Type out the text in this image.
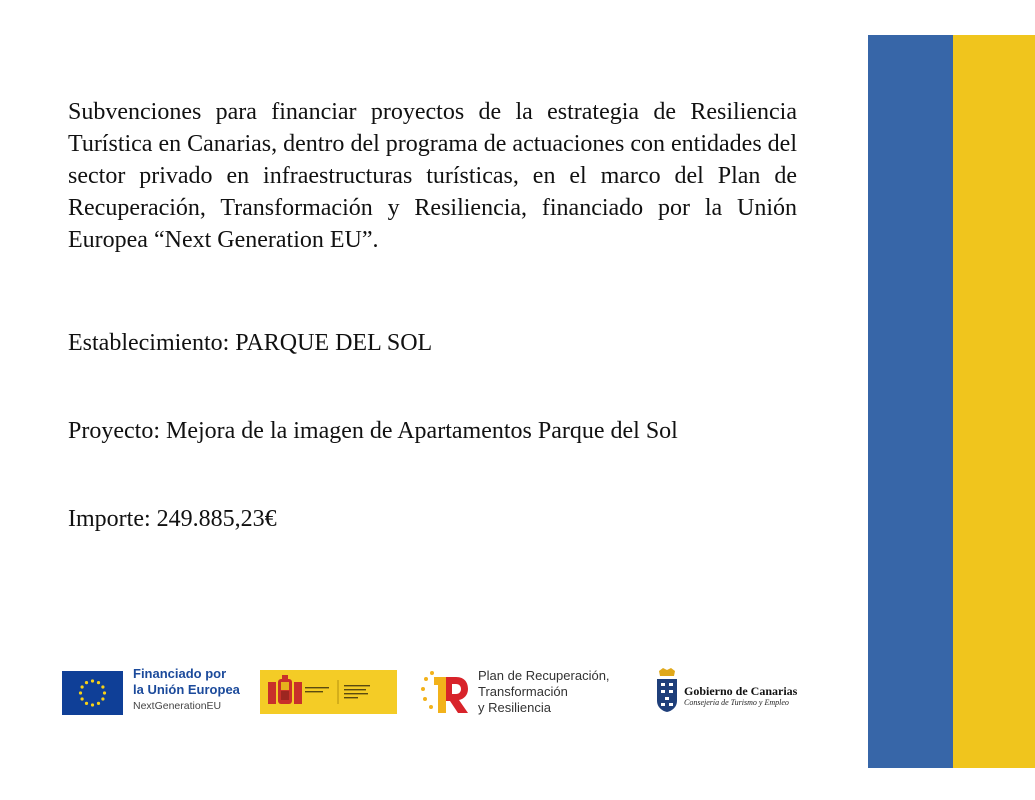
Subvenciones para financiar proyectos de la estrategia de Resiliencia Turística en Canarias, dentro del programa de actuaciones con entidades del sector privado en infraestructuras turísticas, en el marco del Plan de Recuperación, Transformación y Resiliencia, financiado por la Unión Europea “Next Generation EU”.

Establecimiento: PARQUE DEL SOL

Proyecto: Mejora de la imagen de Apartamentos Parque del Sol

Importe: 249.885,23€

Financiado por
la Unión Europea
NextGenerationEU
Plan de Recuperación,
Transformación
y Resiliencia
Gobierno de Canarias
Consejería de Turismo y Empleo
